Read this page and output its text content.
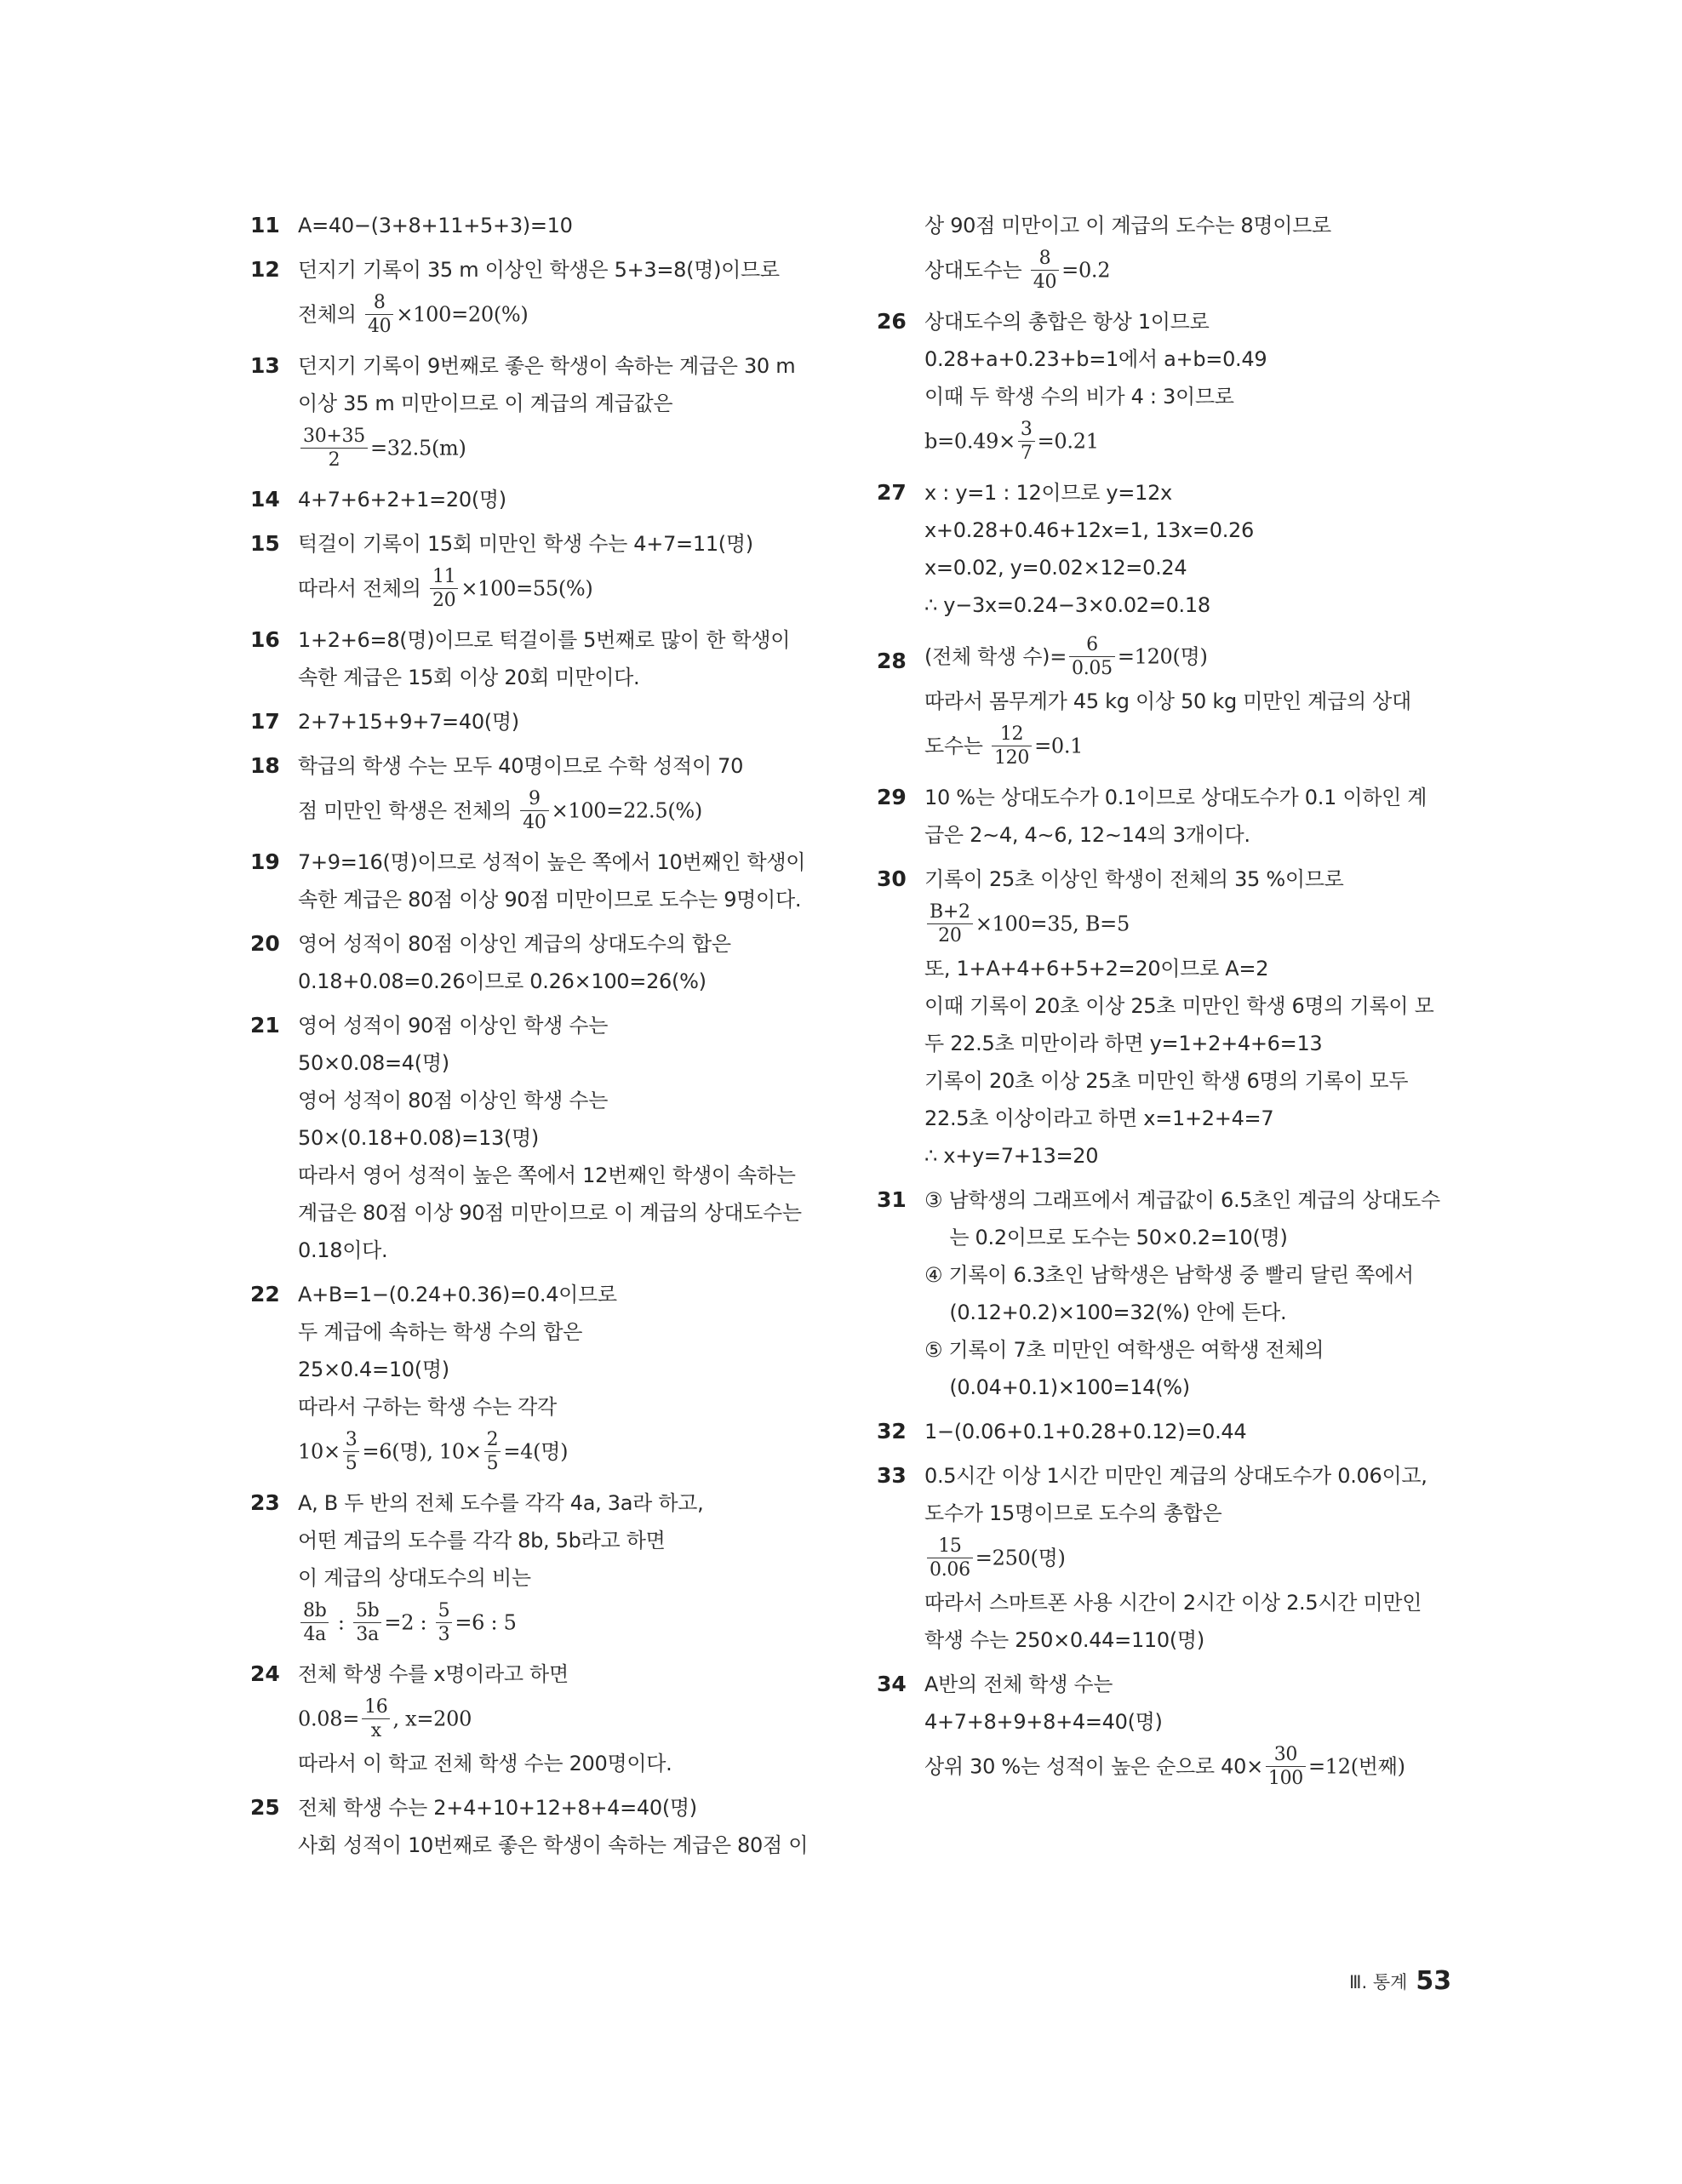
11 A=40−(3+8+11+5+3)=10
12 던지기 기록이 35 m 이상인 학생은 5+3=8(명)이므로
전체의 $\frac{8}{40} \times 100=20(\%)$
13 던지기 기록이 9번째로 좋은 학생이 속하는 계급은 30 m
이상 35 m 미만이므로 이 계급의 계급값은
$\frac{30+35}{2} =32.5(m)$
14 4+7+6+2+1=20(명)
15 턱걸이 기록이 15회 미만인 학생 수는 4+7=11(명)
따라서 전체의 $\frac{11}{20} \times 100=55(\%)$
16 1+2+6=8(명)이므로 턱걸이를 5번째로 많이 한 학생이
속한 계급은 15회 이상 20회 미만이다.
17 2+7+15+9+7=40(명)
18 학급의 학생 수는 모두 40명이므로 수학 성적이 70
점 미만인 학생은 전체의 $\frac{9}{40} \times 100=22.5(\%)$
19 7+9=16(명)이므로 성적이 높은 쪽에서 10번째인 학생이
속한 계급은 80점 이상 90점 미만이므로 도수는 9명이다.
20 영어 성적이 80점 이상인 계급의 상대도수의 합은
0.18+0.08=0.26이므로 0.26×100=26(%)
21 영어 성적이 90점 이상인 학생 수는
50×0.08=4(명)
영어 성적이 80점 이상인 학생 수는
50×(0.18+0.08)=13(명)
따라서 영어 성적이 높은 쪽에서 12번째인 학생이 속하는
계급은 80점 이상 90점 미만이므로 이 계급의 상대도수는
0.18이다.
22 A+B=1−(0.24+0.36)=0.4이므로
두 계급에 속하는 학생 수의 합은
25×0.4=10(명)
따라서 구하는 학생 수는 각각
$10\times \frac{3}{5} =6$(명), $10\times \frac{2}{5} =4$(명)
23 A, B 두 반의 전체 도수를 각각 4a, 3a라 하고,
어떤 계급의 도수를 각각 8b, 5b라고 하면
이 계급의 상대도수의 비는
$\frac{8b}{4a}$ : $\frac{5b}{3a} =2$ : $\frac{5}{3} =6$ : 5
24 전체 학생 수를 x명이라고 하면
$0.08= \frac{16}{x}$ , x=200
따라서 이 학교 전체 학생 수는 200명이다.
25 전체 학생 수는 2+4+10+12+8+4=40(명)
사회 성적이 10번째로 좋은 학생이 속하는 계급은 80점 이
상 90점 미만이고 이 계급의 도수는 8명이므로
상대도수는 $\frac{8}{40} =0.2$
26 상대도수의 총합은 항상 1이므로
0.28+a+0.23+b=1에서 a+b=0.49
이때 두 학생 수의 비가 4 : 3이므로
$b=0.49\times \frac{3}{7} =0.21$
27 x : y=1 : 12이므로 y=12x
x+0.28+0.46+12x=1, 13x=0.26
x=0.02, y=0.02×12=0.24
∴ y−3x=0.24−3×0.02=0.18
28 (전체 학생 수)= $\frac{6}{0.05} =120$(명)
따라서 몸무게가 45 kg 이상 50 kg 미만인 계급의 상대
도수는 $\frac{12}{120} =0.1$
29 10 %는 상대도수가 0.1이므로 상대도수가 0.1 이하인 계
급은 2∼4, 4∼6, 12∼14의 3개이다.
30 기록이 25초 이상인 학생이 전체의 35 %이므로
$\frac{B+2}{20} \times 100=35$, B=5
또, 1+A+4+6+5+2=20이므로 A=2
이때 기록이 20초 이상 25초 미만인 학생 6명의 기록이 모
두 22.5초 미만이라 하면 y=1+2+4+6=13
기록이 20초 이상 25초 미만인 학생 6명의 기록이 모두
22.5초 이상이라고 하면 x=1+2+4=7
∴ x+y=7+13=20
31 ③ 남학생의 그래프에서 계급값이 6.5초인 계급의 상대도수
는 0.2이므로 도수는 50×0.2=10(명)
④ 기록이 6.3초인 남학생은 남학생 중 빨리 달린 쪽에서
(0.12+0.2)×100=32(%) 안에 든다.
⑤ 기록이 7초 미만인 여학생은 여학생 전체의
(0.04+0.1)×100=14(%)
32 1−(0.06+0.1+0.28+0.12)=0.44
33 0.5시간 이상 1시간 미만인 계급의 상대도수가 0.06이고,
도수가 15명이므로 도수의 총합은
$\frac{15}{0.06} =250$(명)
따라서 스마트폰 사용 시간이 2시간 이상 2.5시간 미만인
학생 수는 250×0.44=110(명)
34 A반의 전체 학생 수는
4+7+8+9+8+4=40(명)
상위 30 %는 성적이 높은 순으로 $40\times \frac{30}{100} =12$(번째)
Ⅲ. 통계 53
